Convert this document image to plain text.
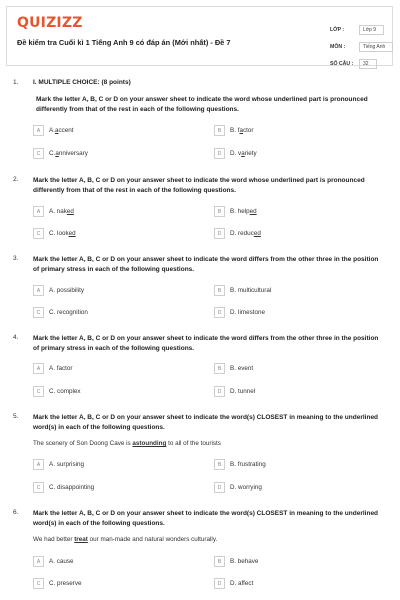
QUIZIZZ
Đề kiểm tra Cuối kì 1 Tiếng Anh 9 có đáp án (Mới nhất) - Đề 7
LỚP :	Lớp 9
MÔN :	Tiếng Anh
SỐ CÂU :	32
1. I. MULTIPLE CHOICE: (8 points)
Mark the letter A, B, C or D on your answer sheet to indicate the word whose underlined part is pronounced differently from that of the rest in each of the following questions.
A	A. a ccent	B	B. f a ctor
C	C. a nniversary	D	D. v a riety
2. Mark the letter A, B, C or D on your answer sheet to indicate the word whose underlined part is pronounced differently from that of the rest in each of the following questions.
A	A. nak ed	B	B. help ed
C	C. look ed	D	D. reduc ed
3. Mark the letter A, B, C or D on your answer sheet to indicate the word differs from the other three in the position of primary stress in each of the following questions.
A	A. possibility	B	B. multicultural
C	C. recognition	D	D. limestone
4. Mark the letter A, B, C or D on your answer sheet to indicate the word differs from the other three in the position of primary stress in each of the following questions.
A	A. factor	B	B. event
C	C. complex	D	D. tunnel
5. Mark the letter A, B, C or D on your answer sheet to indicate the word(s) CLOSEST in meaning to the underlined word(s) in each of the following questions.
The scenery of Son Doong Cave is astounding to all of the tourists
A	A. surprising	B	B. frustrating
C	C. disappointing	D	D. worrying
6. Mark the letter A, B, C or D on your answer sheet to indicate the word(s) CLOSEST in meaning to the underlined word(s) in each of the following questions.
We had better treat our man-made and natural wonders culturally.
A	A. cause	B	B. behave
C	C. preserve	D	D. affect
